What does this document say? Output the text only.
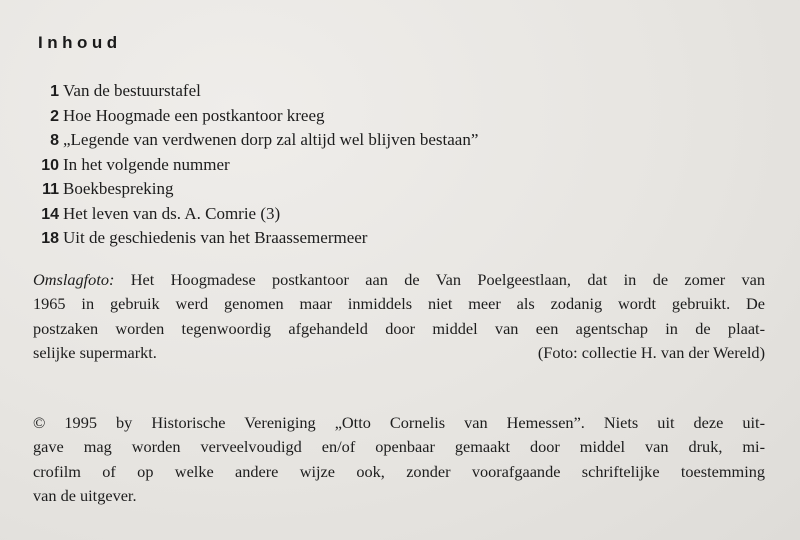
Inhoud
1 Van de bestuurstafel
2 Hoe Hoogmade een postkantoor kreeg
8 „Legende van verdwenen dorp zal altijd wel blijven bestaan”
10 In het volgende nummer
11 Boekbespreking
14 Het leven van ds. A. Comrie (3)
18 Uit de geschiedenis van het Braassemermeer
Omslagfoto: Het Hoogmadese postkantoor aan de Van Poelgeestlaan, dat in de zomer van
1965 in gebruik werd genomen maar inmiddels niet meer als zodanig wordt gebruikt. De
postzaken worden tegenwoordig afgehandeld door middel van een agentschap in de plaat-
selijke supermarkt.	(Foto: collectie H. van der Wereld)
© 1995 by Historische Vereniging „Otto Cornelis van Hemessen”. Niets uit deze uit-
gave mag worden verveelvoudigd en/of openbaar gemaakt door middel van druk, mi-
crofilm of op welke andere wijze ook, zonder voorafgaande schriftelijke toestemming
van de uitgever.
